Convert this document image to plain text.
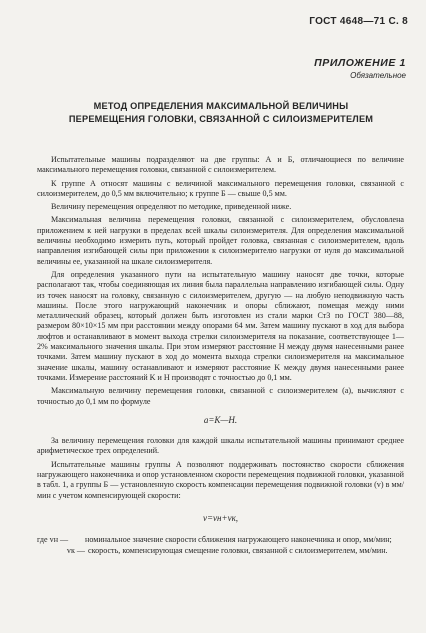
ГОСТ 4648—71 С. 8
ПРИЛОЖЕНИЕ 1
Обязательное
МЕТОД ОПРЕДЕЛЕНИЯ МАКСИМАЛЬНОЙ ВЕЛИЧИНЫ
ПЕРЕМЕЩЕНИЯ ГОЛОВКИ, СВЯЗАННОЙ С СИЛОИЗМЕРИТЕЛЕМ

Испытательные машины подразделяют на две группы: А и Б, отличающиеся по величине максимального перемещения головки, связанной с силоизмерителем.

К группе А относят машины с величиной максимального перемещения головки, связанной с силоизмерителем, до 0,5 мм включительно; к группе Б — свыше 0,5 мм.

Величину перемещения определяют по методике, приведенной ниже.

Максимальная величина перемещения головки, связанной с силоизмерителем, обусловлена приложением к ней нагрузки в пределах всей шкалы силоизмерителя. Для определения максимальной величины необходимо измерить путь, который пройдет головка, связанная с силоизмерителем, вдоль направления изгибающей силы при приложении к силоизмерителю нагрузки от нуля до максимальной величины ее, указанной на шкале силоизмерителя.

Для определения указанного пути на испытательную машину наносят две точки, которые располагают так, чтобы соединяющая их линия была параллельна направлению изгибающей силы. Одну из точек наносят на головку, связанную с силоизмерителем, другую — на любую неподвижную часть машины. После этого нагружающий наконечник и опоры сближают, помещая между ними металлический образец, который должен быть изготовлен из стали марки Ст3 по ГОСТ 380—88, размером 80×10×15 мм при расстоянии между опорами 64 мм. Затем машину пускают в ход для выбора люфтов и останавливают в момент выхода стрелки силоизмерителя на показание, соответствующее 1—2% максимального значения шкалы. При этом измеряют расстояние H между двумя нанесенными ранее точками. Затем машину пускают в ход до момента выхода стрелки силоизмерителя на максимальное значение шкалы, машину останавливают и измеряют расстояние K между двумя нанесенными ранее точками. Измерение расстояний K и H производят с точностью до 0,1 мм.

Максимальную величину перемещения головки, связанной с силоизмерителем (a), вычисляют с точностью до 0,1 мм по формуле

a=K—H.

За величину перемещения головки для каждой шкалы испытательной машины принимают среднее арифметическое трех определений.

Испытательные машины группы А позволяют поддерживать постоянство скорости сближения нагружающего наконечника и опор установленном скорости перемещения подвижной головки, указанной в табл. 1, а группы Б — установленную скорость компенсации перемещения подвижной головки (v) в мм/мин с учетом компенсирующей скорости:

v=vн+vк,
где vн —	номинальное значение скорости сближения нагружающего наконечника и опор, мм/мин;
vк — скорость, компенсирующая смещение головки, связанной с силоизмерителем, мм/мин.
